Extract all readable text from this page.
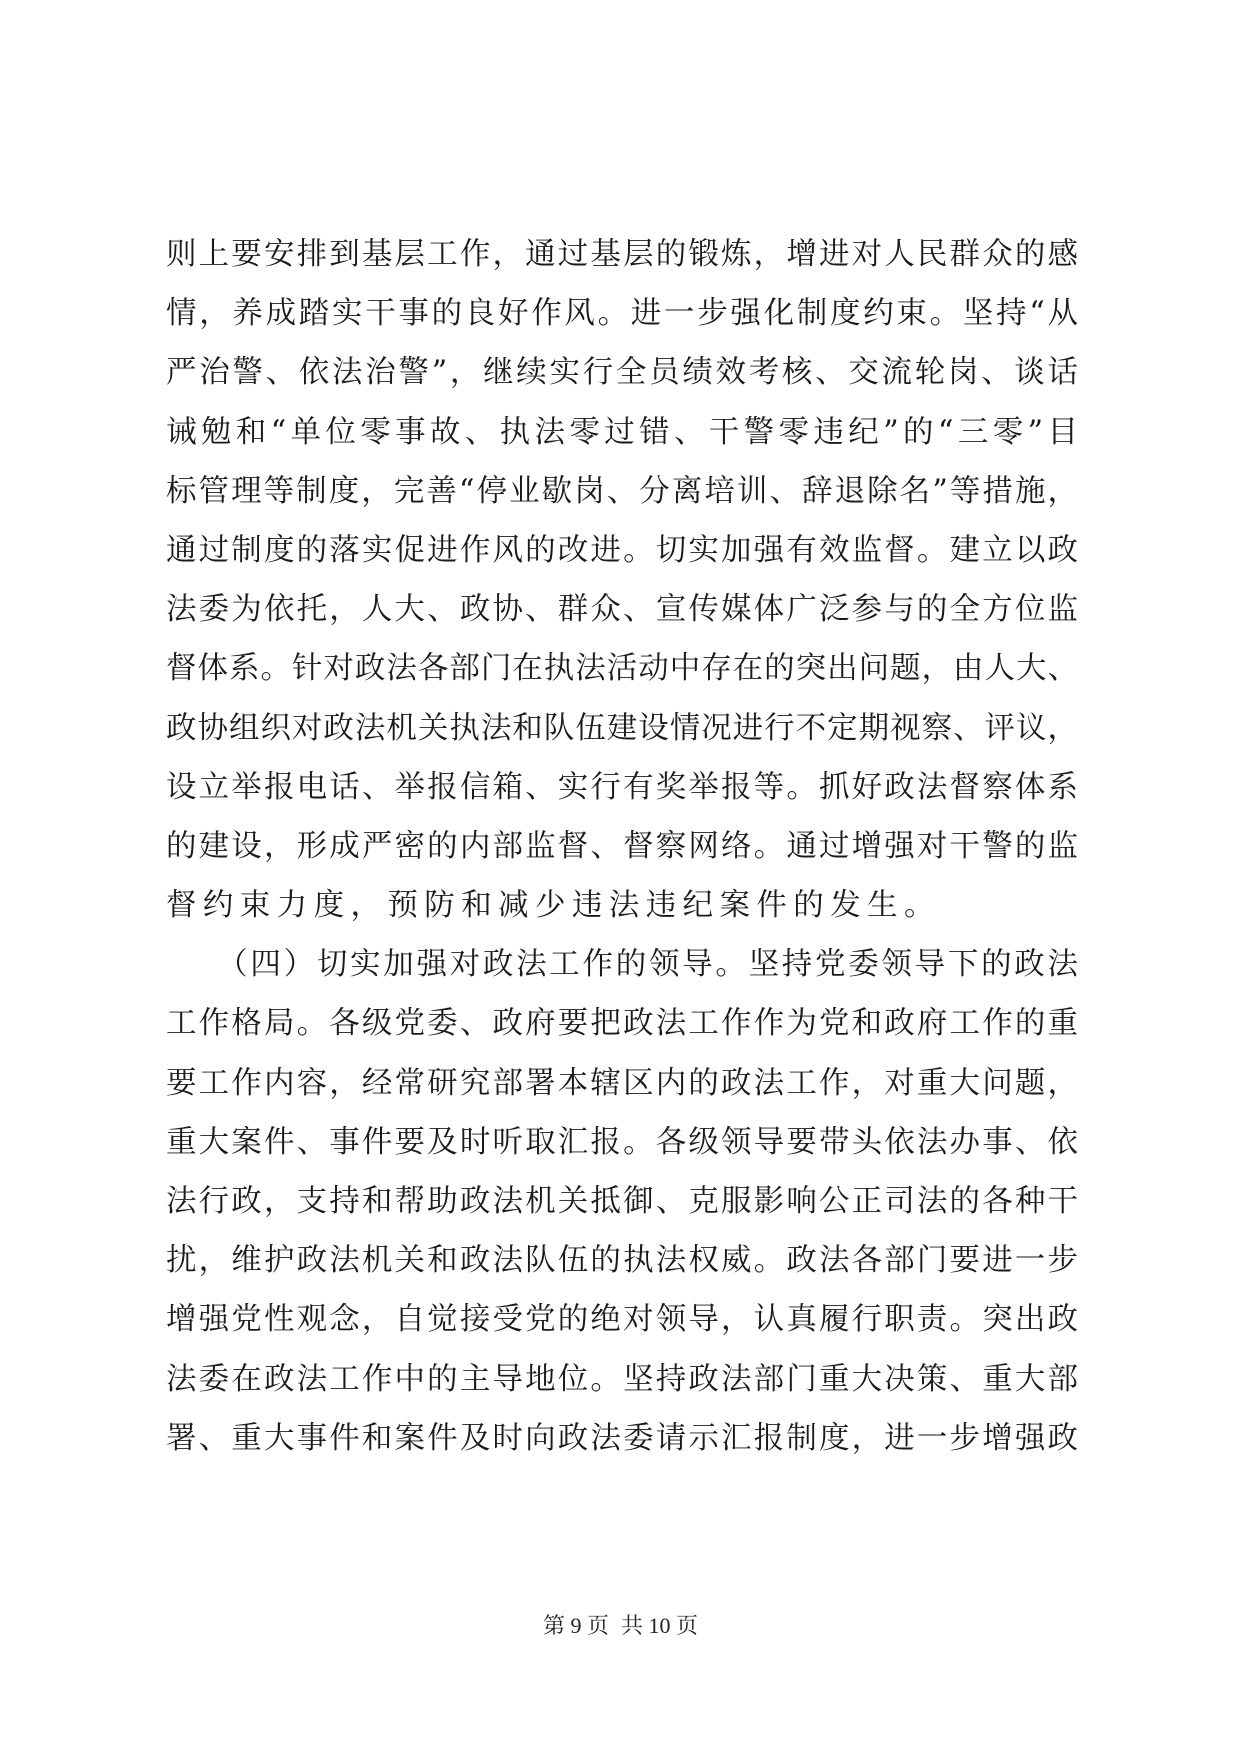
则上要安排到基层工作，通过基层的锻炼，增进对人民群众的感
情，养成踏实干事的良好作风。进一步强化制度约束。坚持“从
严治警、依法治警”，继续实行全员绩效考核、交流轮岗、谈话
诫勉和“单位零事故、执法零过错、干警零违纪”的“三零”目
标管理等制度，完善“停业歇岗、分离培训、辞退除名”等措施，
通过制度的落实促进作风的改进。切实加强有效监督。建立以政
法委为依托，人大、政协、群众、宣传媒体广泛参与的全方位监
督体系。针对政法各部门在执法活动中存在的突出问题，由人大、
政协组织对政法机关执法和队伍建设情况进行不定期视察、评议，
设立举报电话、举报信箱、实行有奖举报等。抓好政法督察体系
的建设，形成严密的内部监督、督察网络。通过增强对干警的监
督约束力度，预防和减少违法违纪案件的发生。
　　（四）切实加强对政法工作的领导。坚持党委领导下的政法
工作格局。各级党委、政府要把政法工作作为党和政府工作的重
要工作内容，经常研究部署本辖区内的政法工作，对重大问题，
重大案件、事件要及时听取汇报。各级领导要带头依法办事、依
法行政，支持和帮助政法机关抵御、克服影响公正司法的各种干
扰，维护政法机关和政法队伍的执法权威。政法各部门要进一步
增强党性观念，自觉接受党的绝对领导，认真履行职责。突出政
法委在政法工作中的主导地位。坚持政法部门重大决策、重大部
署、重大事件和案件及时向政法委请示汇报制度，进一步增强政
第 9 页 共 10 页
